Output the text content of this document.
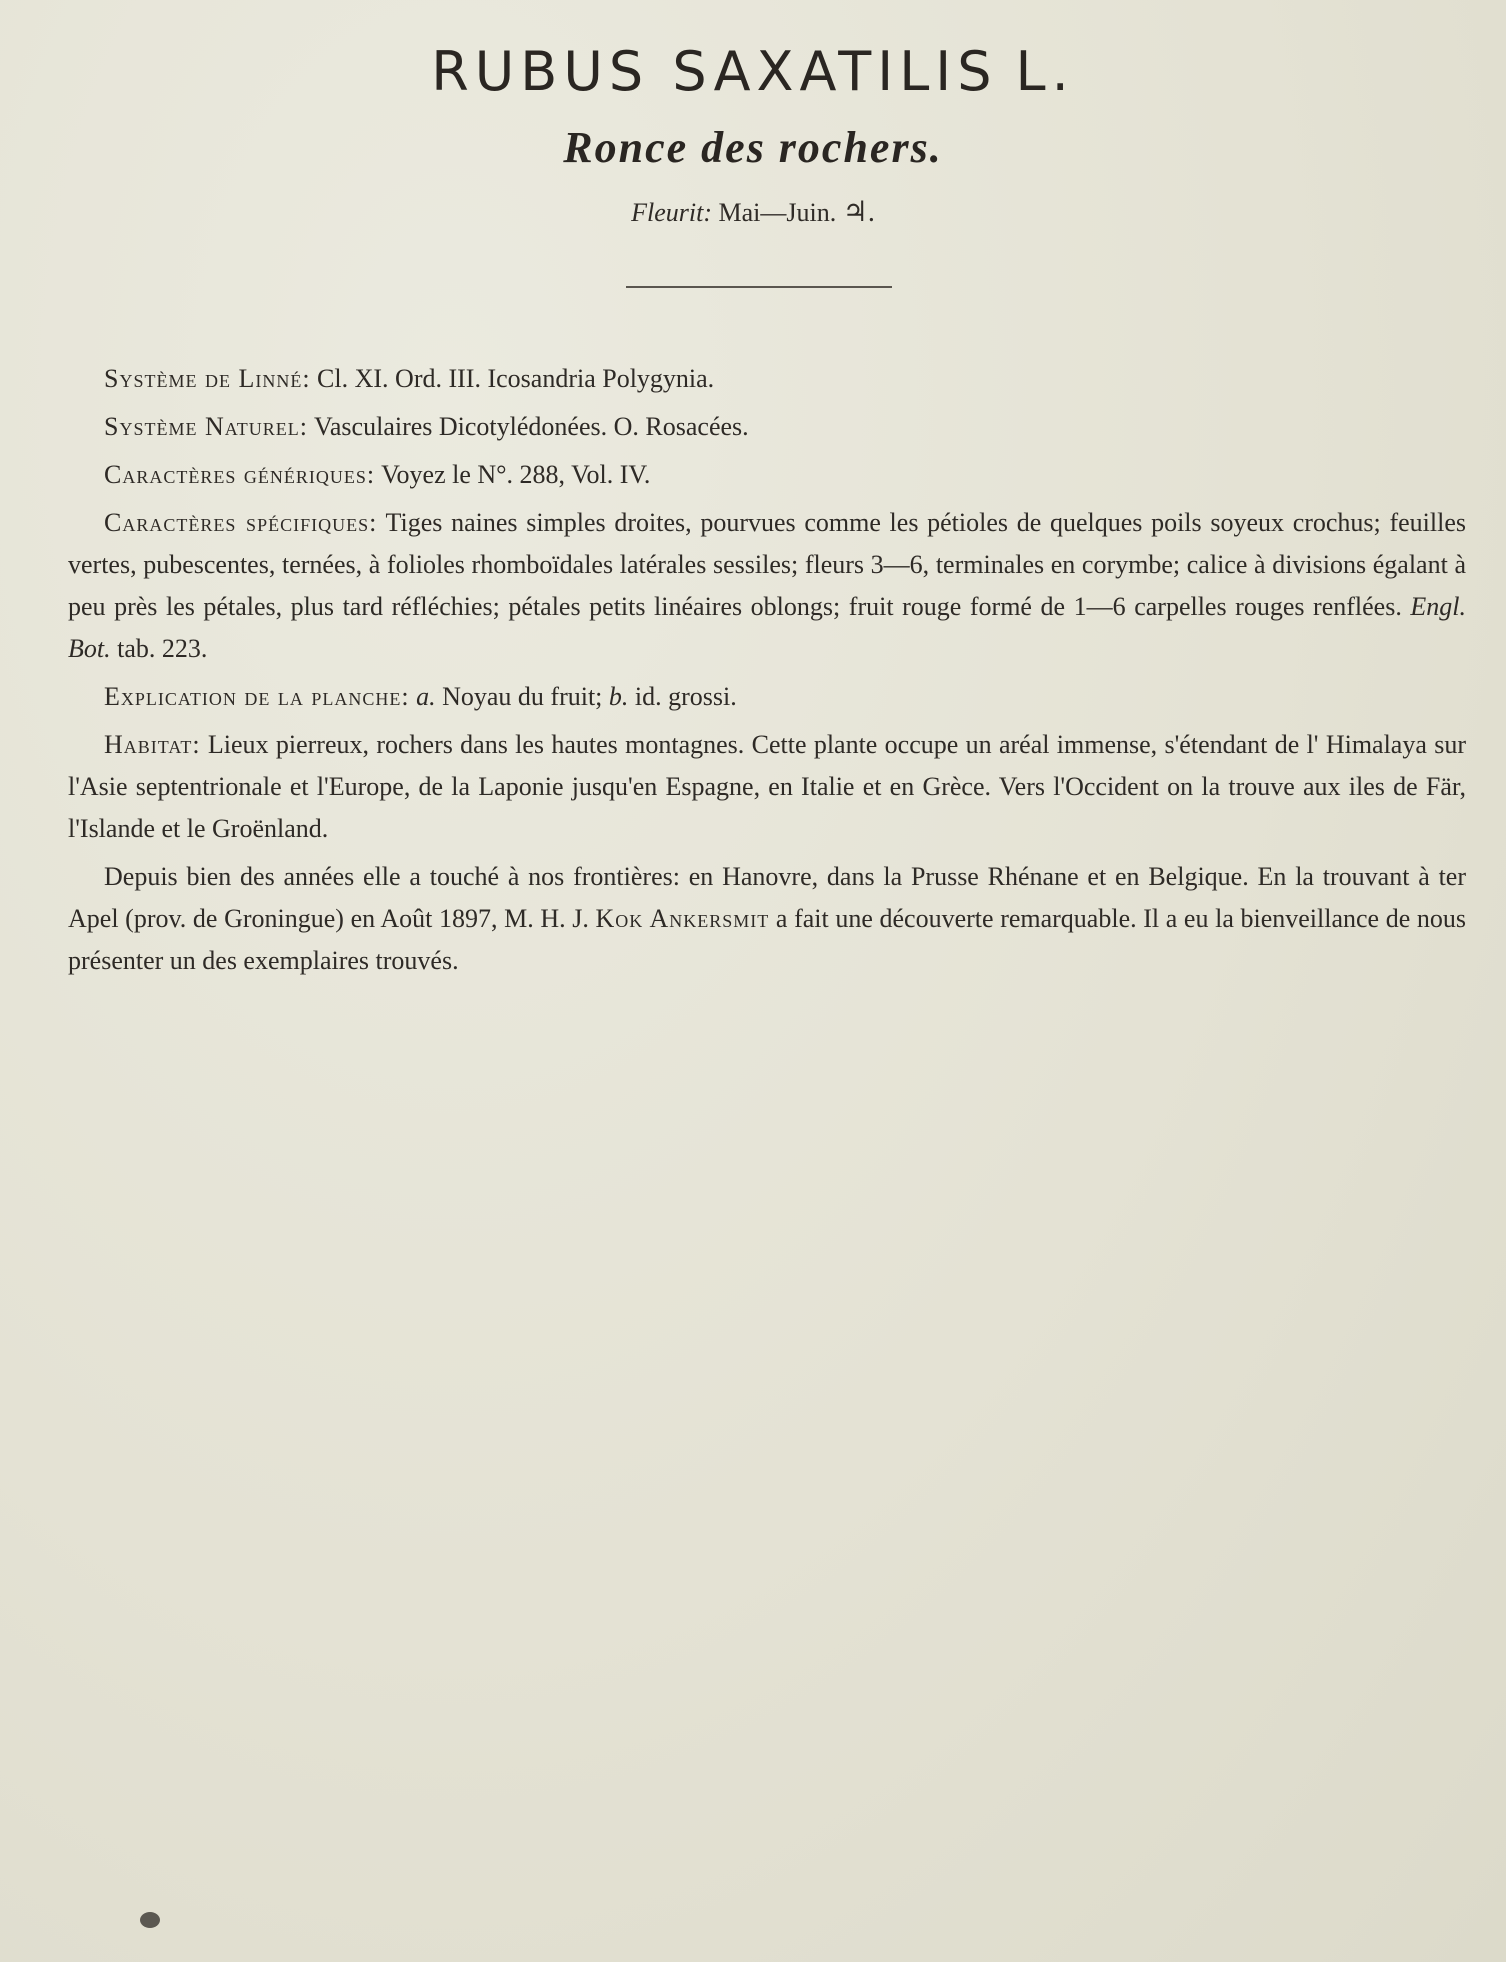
RUBUS SAXATILIS L.
Ronce des rochers.
Fleurit: Mai—Juin. ♃.

Système de Linné: Cl. XI. Ord. III. Icosandria Polygynia.

Système Naturel: Vasculaires Dicotylédonées. O. Rosacées.

Caractères génériques: Voyez le N°. 288, Vol. IV.

Caractères spécifiques: Tiges naines simples droites, pourvues comme les pétioles de quelques poils soyeux crochus; feuilles vertes, pubescentes, ternées, à folioles rhomboïdales latérales sessiles; fleurs 3—6, terminales en corymbe; calice à divisions égalant à peu près les pétales, plus tard réfléchies; pétales petits linéaires oblongs; fruit rouge formé de 1—6 carpelles rouges renflées. Engl. Bot. tab. 223.

Explication de la planche: a. Noyau du fruit; b. id. grossi.

Habitat: Lieux pierreux, rochers dans les hautes montagnes. Cette plante occupe un aréal immense, s'étendant de l' Himalaya sur l'Asie septentrionale et l'Europe, de la Laponie jusqu'en Espagne, en Italie et en Grèce. Vers l'Occident on la trouve aux iles de Fär, l'Islande et le Groënland.

Depuis bien des années elle a touché à nos frontières: en Hanovre, dans la Prusse Rhénane et en Belgique. En la trouvant à ter Apel (prov. de Groningue) en Août 1897, M. H. J. Kok Ankersmit a fait une découverte remarquable. Il a eu la bienveillance de nous présenter un des exemplaires trouvés.
